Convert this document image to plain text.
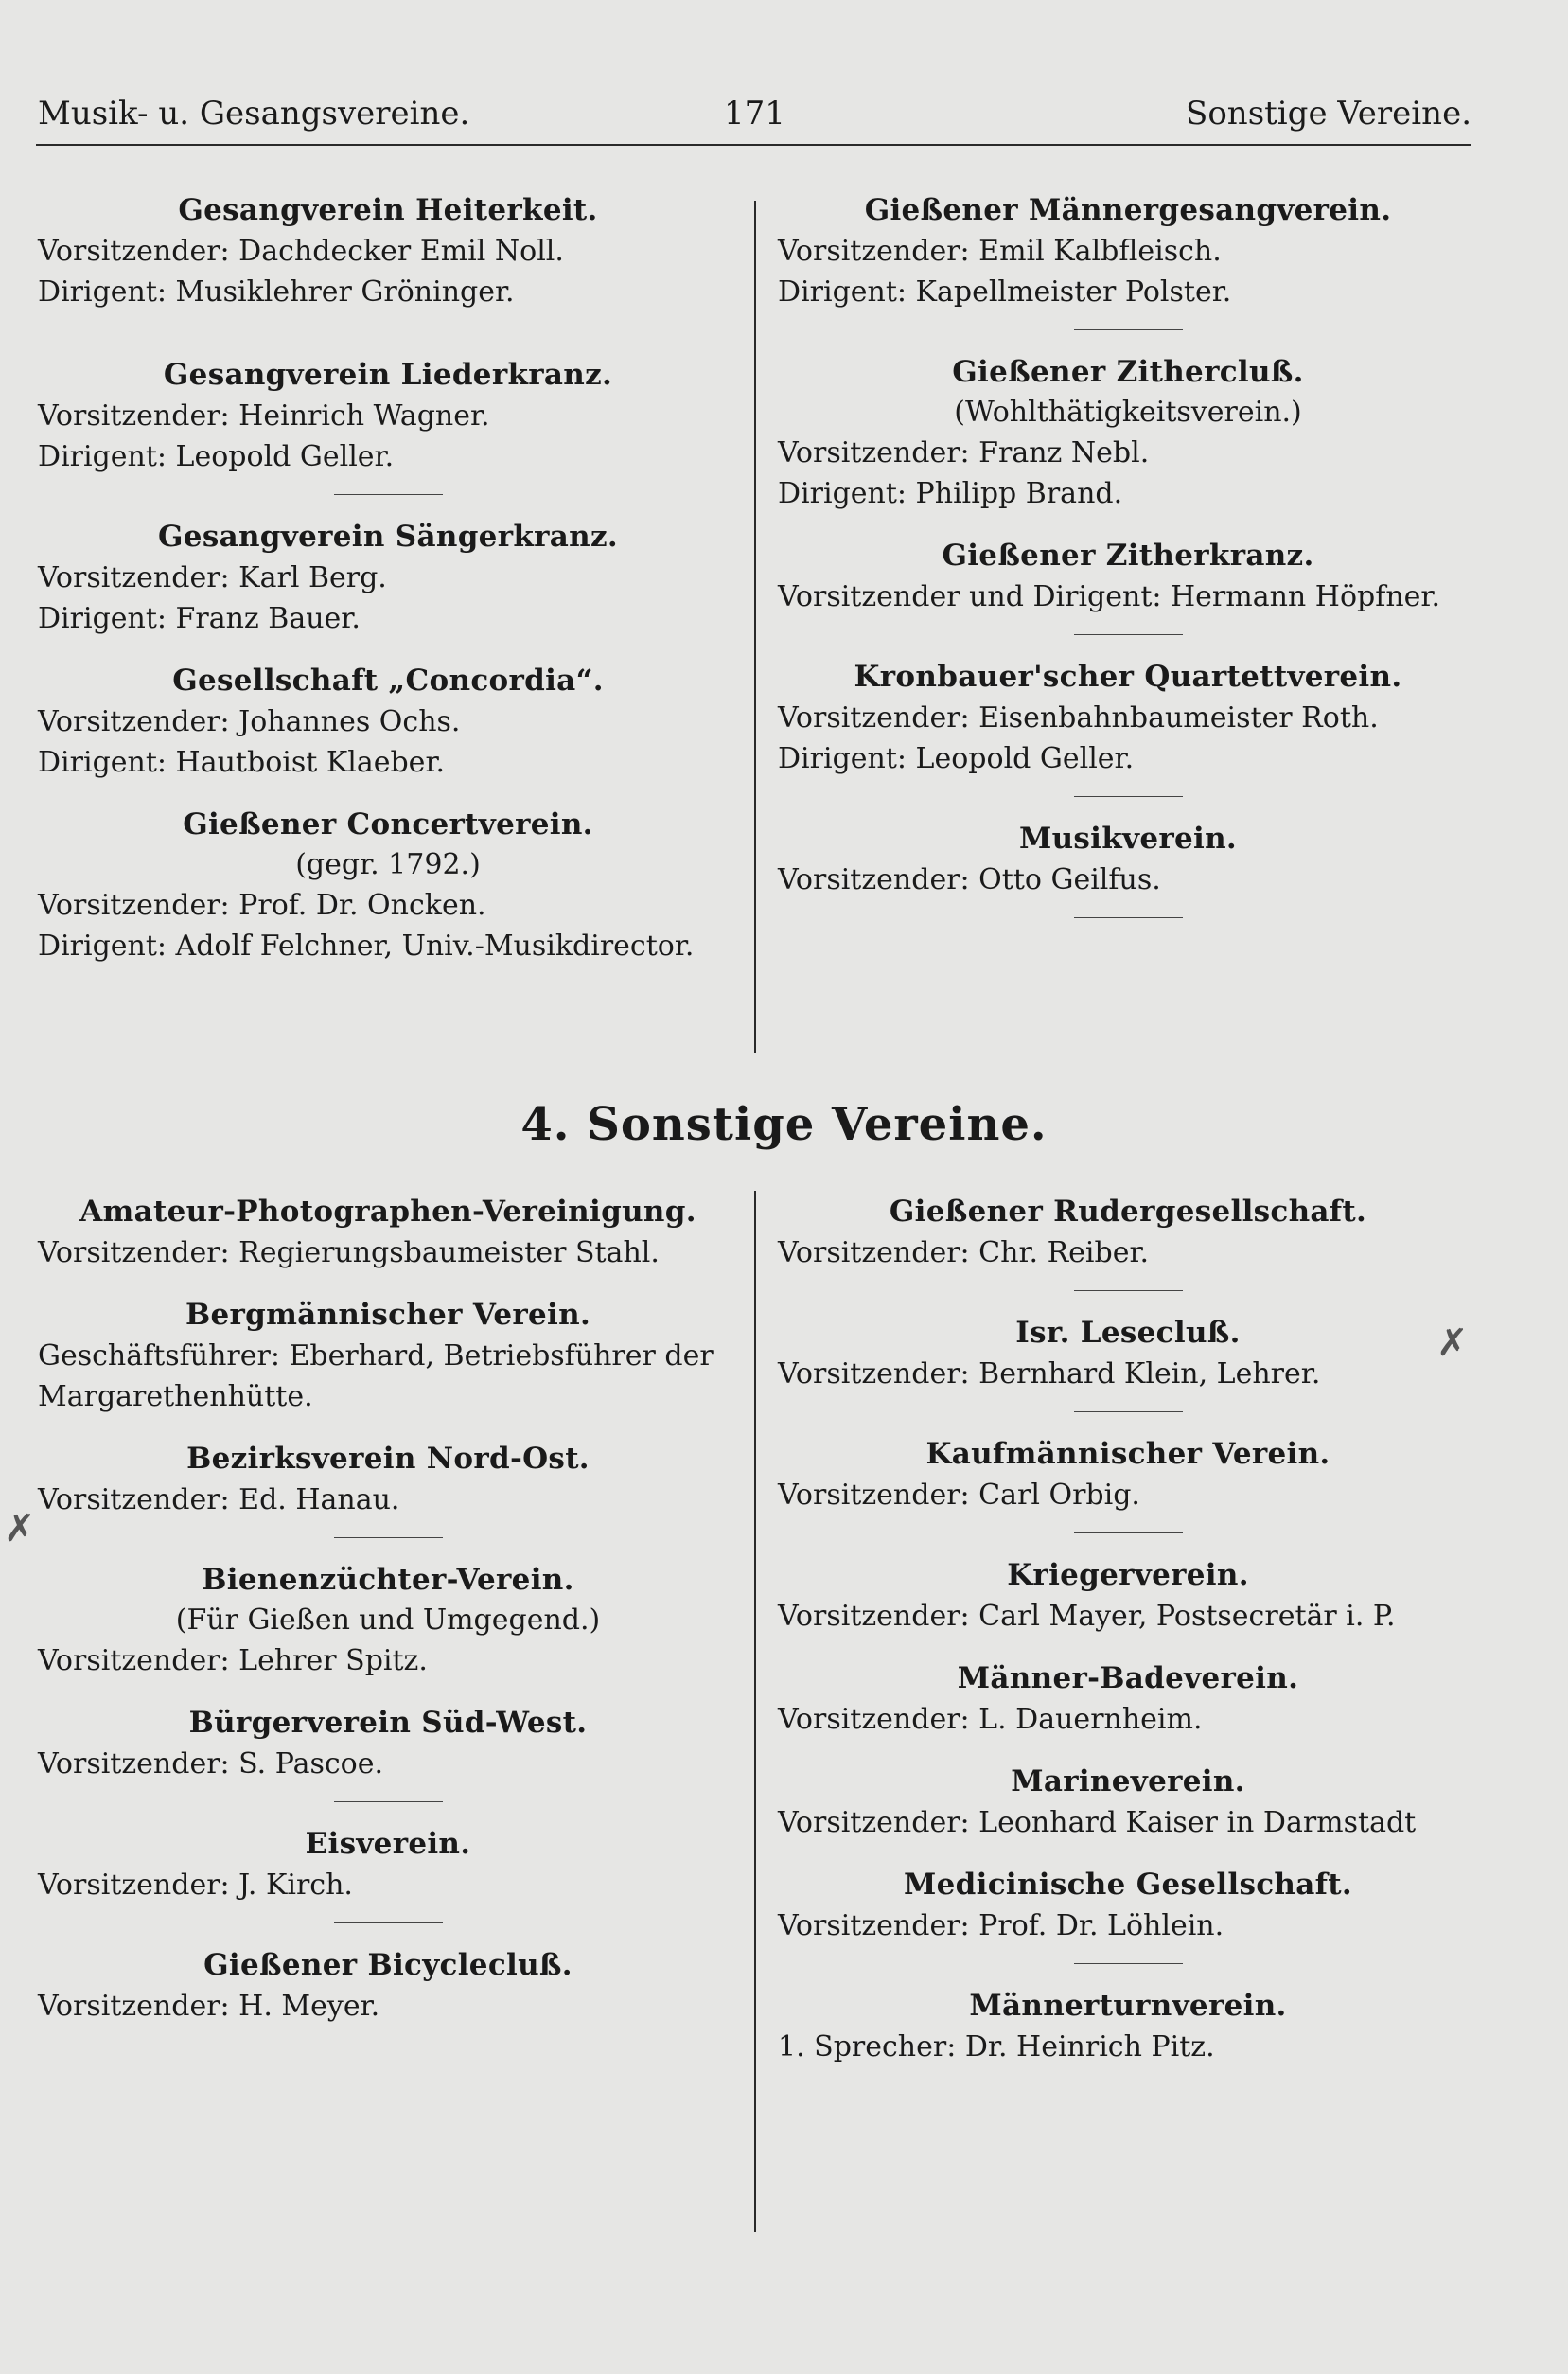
Musik- u. Gesangsvereine.	171	Sonstige Vereine.
Gesangverein Heiterkeit.
Vorsitzender: Dachdecker Emil Noll.
Dirigent: Musiklehrer Gröninger.
Gesangverein Liederkranz.
Vorsitzender: Heinrich Wagner.
Dirigent: Leopold Geller.
Gesangverein Sängerkranz.
Vorsitzender: Karl Berg.
Dirigent: Franz Bauer.
Gesellschaft „Concordia“.
Vorsitzender: Johannes Ochs.
Dirigent: Hautboist Klaeber.
Gießener Concertverein.
(gegr. 1792.)
Vorsitzender: Prof. Dr. Oncken.
Dirigent: Adolf Felchner, Univ.-Musikdirector.
Gießener Männergesangverein.
Vorsitzender: Emil Kalbfleisch.
Dirigent: Kapellmeister Polster.
Gießener Zithercluß.
(Wohlthätigkeitsverein.)
Vorsitzender: Franz Nebl.
Dirigent: Philipp Brand.
Gießener Zitherkranz.
Vorsitzender und Dirigent: Hermann Höpfner.
Kronbauer'scher Quartettverein.
Vorsitzender: Eisenbahnbaumeister Roth.
Dirigent: Leopold Geller.
Musikverein.
Vorsitzender: Otto Geilfus.
4. Sonstige Vereine.
Amateur-Photographen-Vereinigung.
Vorsitzender: Regierungsbaumeister Stahl.
Bergmännischer Verein.
Geschäftsführer: Eberhard, Betriebsführer der Margarethenhütte.
Bezirksverein Nord-Ost.
Vorsitzender: Ed. Hanau.
Bienenzüchter-Verein.
(Für Gießen und Umgegend.)
Vorsitzender: Lehrer Spitz.
Bürgerverein Süd-West.
Vorsitzender: S. Pascoe.
Eisverein.
Vorsitzender: J. Kirch.
Gießener Bicyclecluß.
Vorsitzender: H. Meyer.
Gießener Rudergesellschaft.
Vorsitzender: Chr. Reiber.
Isr. Lesecluß.
Vorsitzender: Bernhard Klein, Lehrer.
Kaufmännischer Verein.
Vorsitzender: Carl Orbig.
Kriegerverein.
Vorsitzender: Carl Mayer, Postsecretär i. P.
Männer-Badeverein.
Vorsitzender: L. Dauernheim.
Marineverein.
Vorsitzender: Leonhard Kaiser in Darmstadt
Medicinische Gesellschaft.
Vorsitzender: Prof. Dr. Löhlein.
Männerturnverein.
1. Sprecher: Dr. Heinrich Pitz.
✗
✗
